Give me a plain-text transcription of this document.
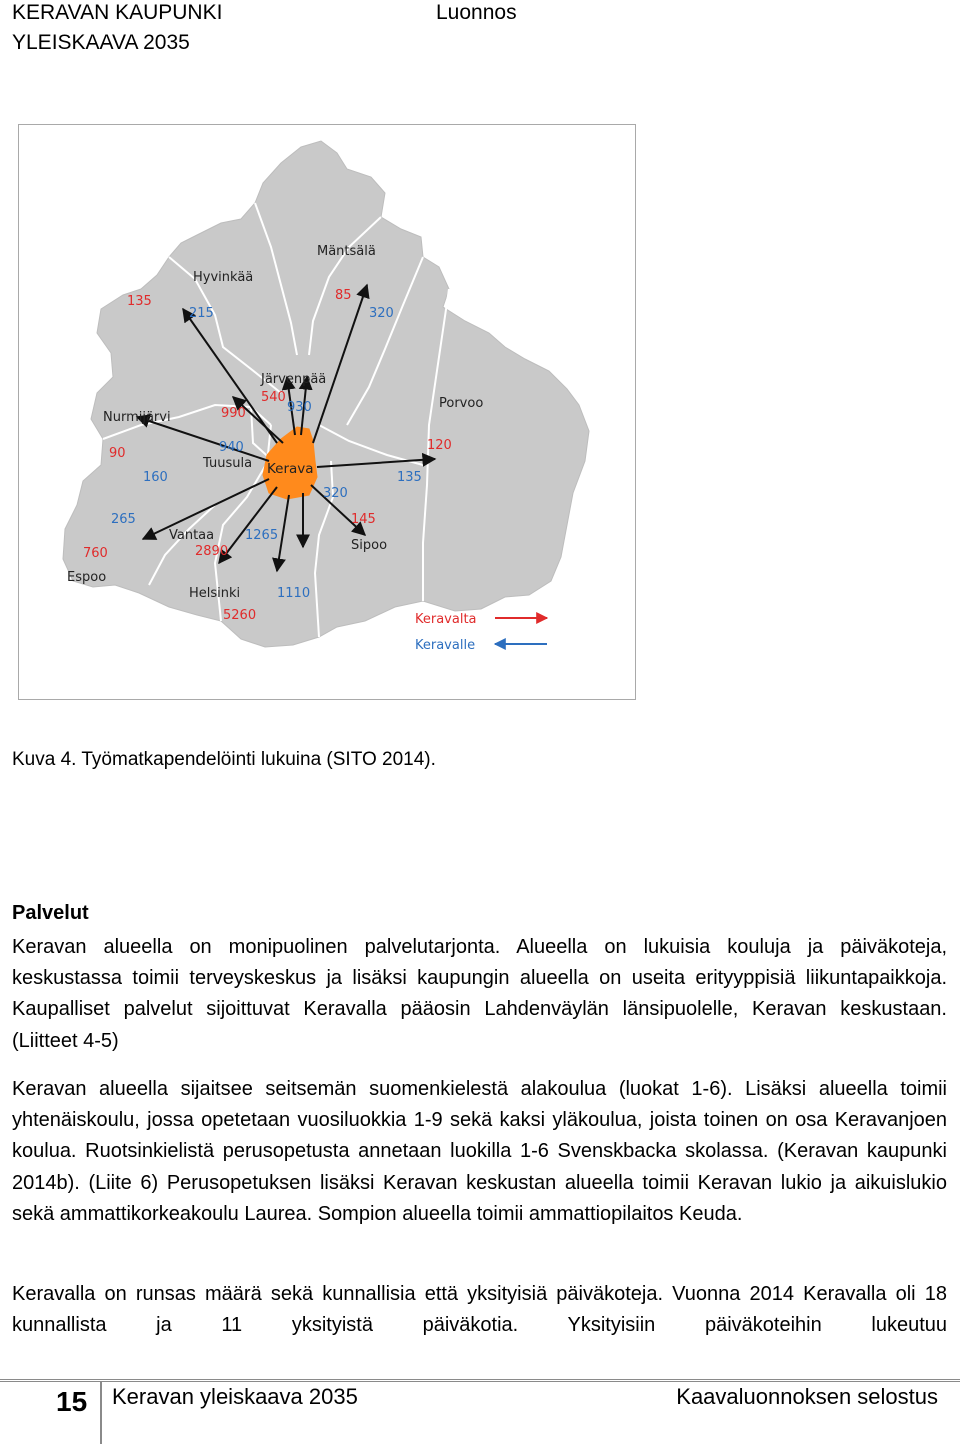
KERAVAN KAUPUNKI
YLEISKAAVA 2035
Luonnos
Mäntsälä
Hyvinkää
Järvenpää
Nurmijärvi
Tuusula
Porvoo
Sipoo
Vantaa
Espoo
Helsinki
Kerava
85
135
540
90
990
120
145
2890
760
5260
320
215
930
160
940
135
320
1265
265
1110
Keravalta
Keravalle
Kuva 4. Työmatkapendelöinti lukuina (SITO 2014).
Palvelut

Keravan alueella on monipuolinen palvelutarjonta. Alueella on lukuisia kouluja ja päiväkoteja, keskustassa toimii terveyskeskus ja lisäksi kaupungin alueella on useita erityyppisiä liikuntapaikkoja. Kaupalliset palvelut sijoittuvat Keravalla pääosin Lahdenväylän länsipuolelle, Keravan keskustaan. (Liitteet 4-5)

Keravan alueella sijaitsee seitsemän suomenkielestä alakoulua (luokat 1-6). Lisäksi alueella toimii yhtenäiskoulu, jossa opetetaan vuosiluokkia 1-9 sekä kaksi yläkoulua, joista toinen on osa Keravanjoen koulua. Ruotsinkielistä perusopetusta annetaan luokilla 1-6 Svenskbacka skolassa. (Keravan kaupunki 2014b). (Liite 6) Perusopetuksen lisäksi Keravan keskustan alueella toimii Keravan lukio ja aikuislukio sekä ammattikorkeakoulu Laurea. Sompion alueella toimii ammattiopilaitos Keuda.

Keravalla on runsas määrä sekä kunnallisia että yksityisiä päiväkoteja. Vuonna 2014 Keravalla oli 18 kunnallista ja 11 yksityistä päiväkotia. Yksityisiin päiväkoteihin lukeutuu

15 Keravan yleiskaava 2035	Kaavaluonnoksen selostus
